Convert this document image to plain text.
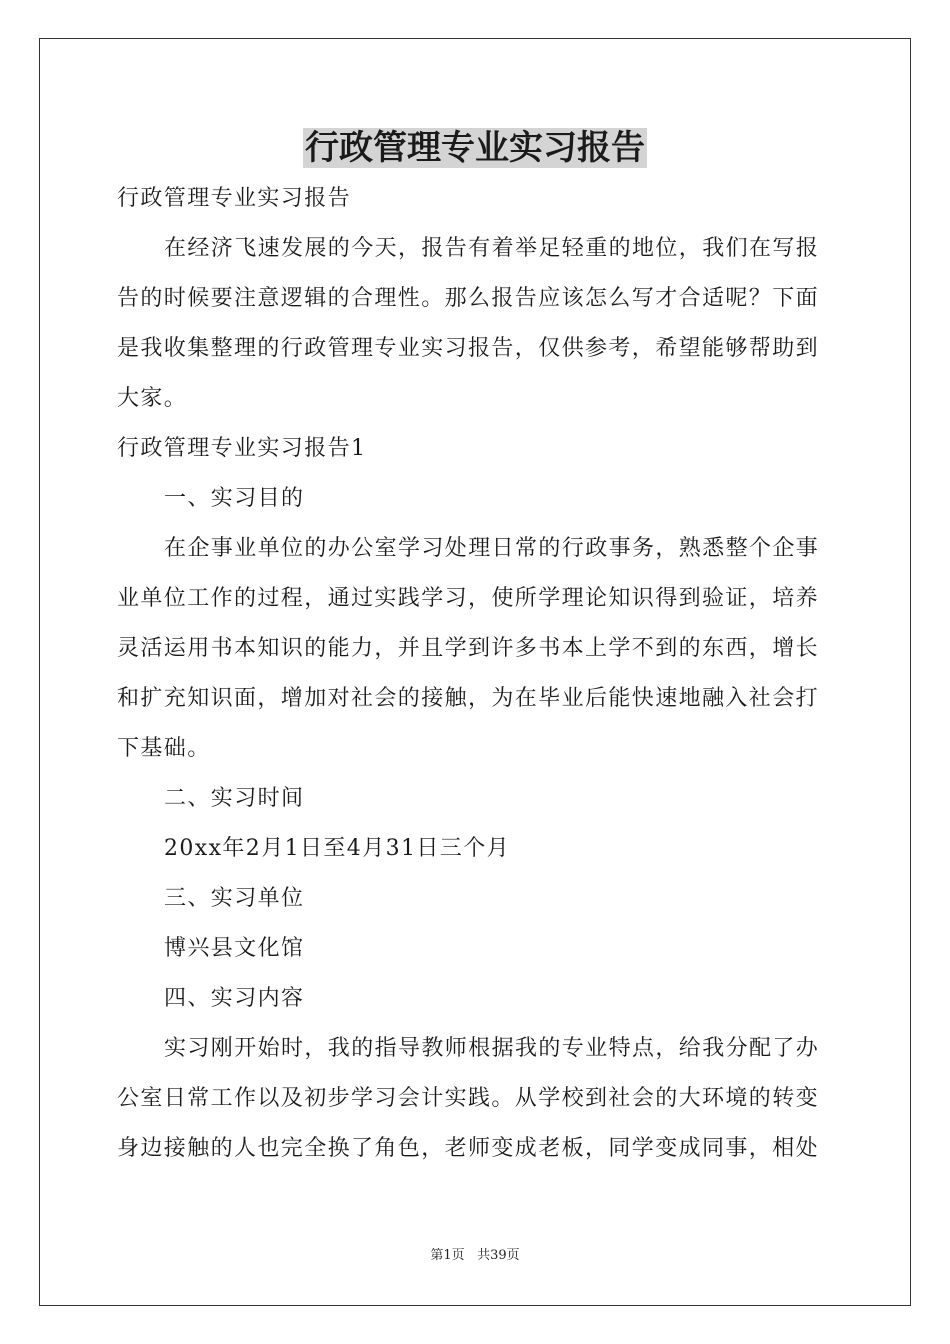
行政管理专业实习报告
行政管理专业实习报告
在经济飞速发展的今天，报告有着举足轻重的地位，我们在写报
告的时候要注意逻辑的合理性。那么报告应该怎么写才合适呢？下面
是我收集整理的行政管理专业实习报告，仅供参考，希望能够帮助到
大家。
行政管理专业实习报告1
一、实习目的
在企事业单位的办公室学习处理日常的行政事务，熟悉整个企事
业单位工作的过程，通过实践学习，使所学理论知识得到验证，培养
灵活运用书本知识的能力，并且学到许多书本上学不到的东西，增长
和扩充知识面，增加对社会的接触，为在毕业后能快速地融入社会打
下基础。
二、实习时间
20xx年2月1日至4月31日三个月
三、实习单位
博兴县文化馆
四、实习内容
实习刚开始时，我的指导教师根据我的专业特点，给我分配了办
公室日常工作以及初步学习会计实践。从学校到社会的大环境的转变
身边接触的人也完全换了角色，老师变成老板，同学变成同事，相处
第1页 共39页
